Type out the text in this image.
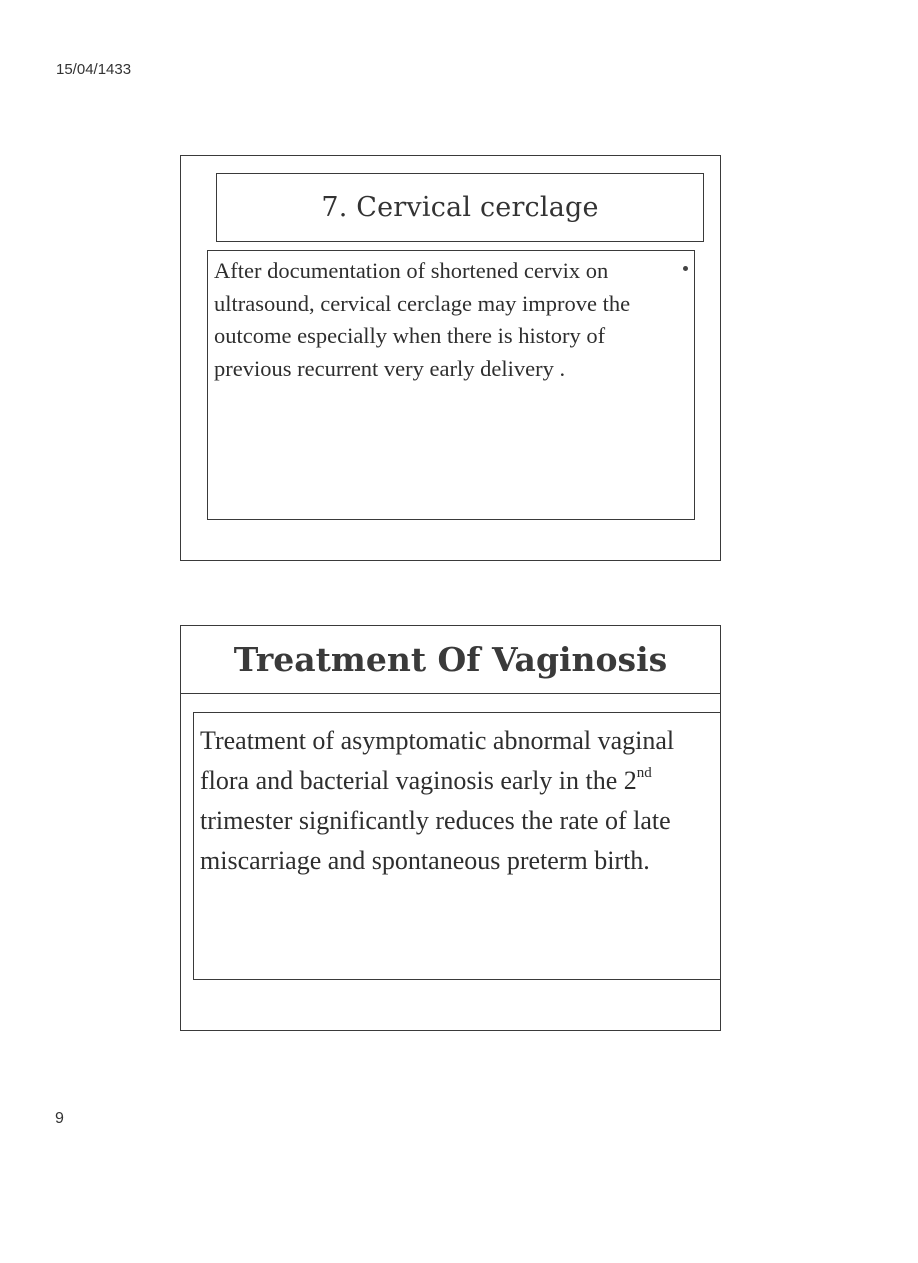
15/04/1433
7. Cervical cerclage

After documentation of shortened cervix on ultrasound, cervical cerclage may improve the outcome especially when there is history of previous recurrent very early delivery .

Treatment Of Vaginosis

Treatment of asymptomatic abnormal vaginal flora and bacterial vaginosis early in the 2nd trimester significantly reduces the rate of late miscarriage and spontaneous preterm birth.

9
